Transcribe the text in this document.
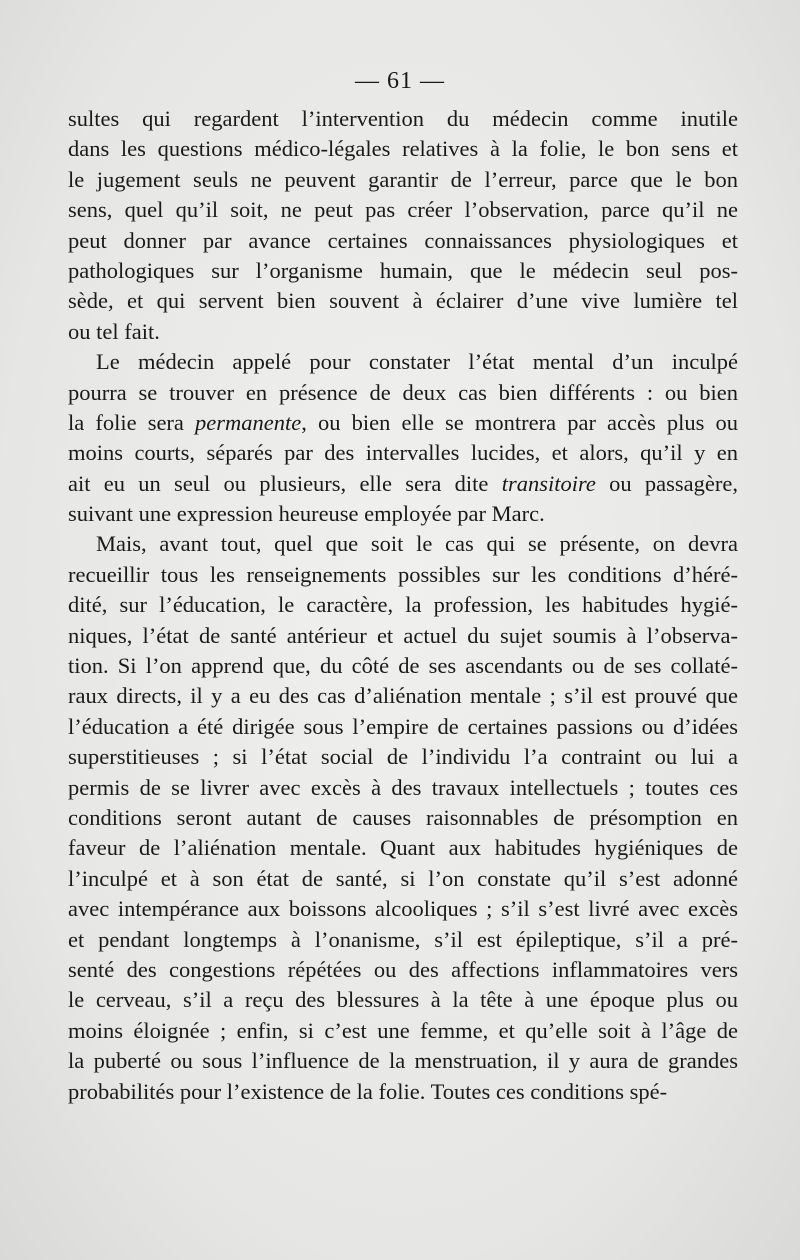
— 61 —
sultes qui regardent l’intervention du médecin comme inutile
dans les questions médico-légales relatives à la folie, le bon sens et
le jugement seuls ne peuvent garantir de l’erreur, parce que le bon
sens, quel qu’il soit, ne peut pas créer l’observation, parce qu’il ne
peut donner par avance certaines connaissances physiologiques et
pathologiques sur l’organisme humain, que le médecin seul pos-
sède, et qui servent bien souvent à éclairer d’une vive lumière tel
ou tel fait.
Le médecin appelé pour constater l’état mental d’un inculpé
pourra se trouver en présence de deux cas bien différents : ou bien
la folie sera permanente, ou bien elle se montrera par accès plus ou
moins courts, séparés par des intervalles lucides, et alors, qu’il y en
ait eu un seul ou plusieurs, elle sera dite transitoire ou passagère,
suivant une expression heureuse employée par Marc.
Mais, avant tout, quel que soit le cas qui se présente, on devra
recueillir tous les renseignements possibles sur les conditions d’héré-
dité, sur l’éducation, le caractère, la profession, les habitudes hygié-
niques, l’état de santé antérieur et actuel du sujet soumis à l’observa-
tion. Si l’on apprend que, du côté de ses ascendants ou de ses collaté-
raux directs, il y a eu des cas d’aliénation mentale ; s’il est prouvé que
l’éducation a été dirigée sous l’empire de certaines passions ou d’idées
superstitieuses ; si l’état social de l’individu l’a contraint ou lui a
permis de se livrer avec excès à des travaux intellectuels ; toutes ces
conditions seront autant de causes raisonnables de présomption en
faveur de l’aliénation mentale. Quant aux habitudes hygiéniques de
l’inculpé et à son état de santé, si l’on constate qu’il s’est adonné
avec intempérance aux boissons alcooliques ; s’il s’est livré avec excès
et pendant longtemps à l’onanisme, s’il est épileptique, s’il a pré-
senté des congestions répétées ou des affections inflammatoires vers
le cerveau, s’il a reçu des blessures à la tête à une époque plus ou
moins éloignée ; enfin, si c’est une femme, et qu’elle soit à l’âge de
la puberté ou sous l’influence de la menstruation, il y aura de grandes
probabilités pour l’existence de la folie. Toutes ces conditions spé-
